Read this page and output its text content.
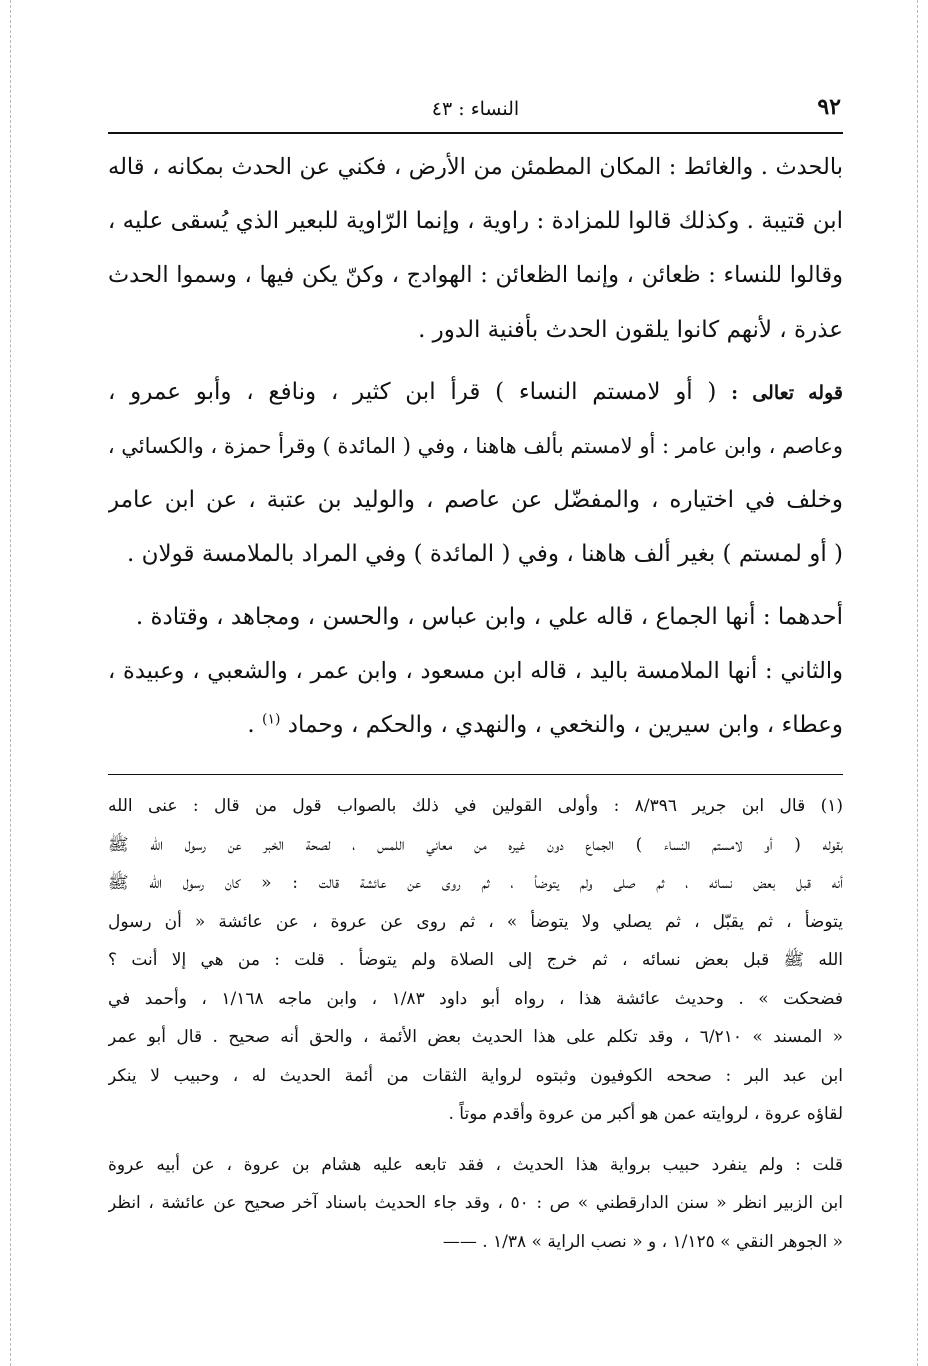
٩٢
النساء : ٤٣
بالحدث . والغائط : المكان المطمئن من الأرض ، فكني عن الحدث بمكانه ، قاله
ابن قتيبة . وكذلك قالوا للمزادة : راوية ، وإنما الرّاوية للبعير الذي يُسقى عليه ،
وقالوا للنساء : ظعائن ، وإنما الظعائن : الهوادج ، وكنّ يكن فيها ، وسموا الحدث
عذرة ، لأنهم كانوا يلقون الحدث بأفنية الدور .
قوله تعالى : ( أو لامستم النساء ) قرأ ابن كثير ، ونافع ، وأبو عمرو ،
وعاصم ، وابن عامر : أو لامستم بألف هاهنا ، وفي ( المائدة ) وقرأ حمزة ، والكسائي ،
وخلف في اختياره ، والمفضّل عن عاصم ، والوليد بن عتبة ، عن ابن عامر
( أو لمستم ) بغير ألف هاهنا ، وفي ( المائدة ) وفي المراد بالملامسة قولان .
أحدهما : أنها الجماع ، قاله علي ، وابن عباس ، والحسن ، ومجاهد ، وقتادة .
والثاني : أنها الملامسة باليد ، قاله ابن مسعود ، وابن عمر ، والشعبي ، وعبيدة ،
وعطاء ، وابن سيرين ، والنخعي ، والنهدي ، والحكم ، وحماد $^{(١)}$ .
(١) قال ابن جرير ٨/٣٩٦ : وأولى القولين في ذلك بالصواب قول من قال : عنى الله
بقوله ( أو لامستم النساء ) الجماع دون غيره من معاني اللمس ، لصحة الخبر عن رسول الله ﷺ
أنه قبل بعض نسائه ، ثم صلى ولم يتوضأ ، ثم روى عن عائشة قالت : « كان رسول الله ﷺ
يتوضأ ، ثم يقبّل ، ثم يصلي ولا يتوضأ » ، ثم روى عن عروة ، عن عائشة « أن رسول
الله ﷺ قبل بعض نسائه ، ثم خرج إلى الصلاة ولم يتوضأ . قلت : من هي إلا أنت ؟
فضحكت » . وحديث عائشة هذا ، رواه أبو داود ١/٨٣ ، وابن ماجه ١/١٦٨ ، وأحمد في
« المسند » ٦/٢١٠ ، وقد تكلم على هذا الحديث بعض الأئمة ، والحق أنه صحيح . قال أبو عمر
ابن عبد البر : صححه الكوفيون وثبتوه لرواية الثقات من أئمة الحديث له ، وحبيب لا ينكر
لقاؤه عروة ، لروايته عمن هو أكبر من عروة وأقدم موتاً .
قلت : ولم ينفرد حبيب برواية هذا الحديث ، فقد تابعه عليه هشام بن عروة ، عن أبيه عروة
ابن الزبير انظر « سنن الدارقطني » ص : ٥٠ ، وقد جاء الحديث باسناد آخر صحيح عن عائشة ، انظر
« الجوهر النقي » ١/١٢٥ ، و « نصب الراية » ١/٣٨ . ——
